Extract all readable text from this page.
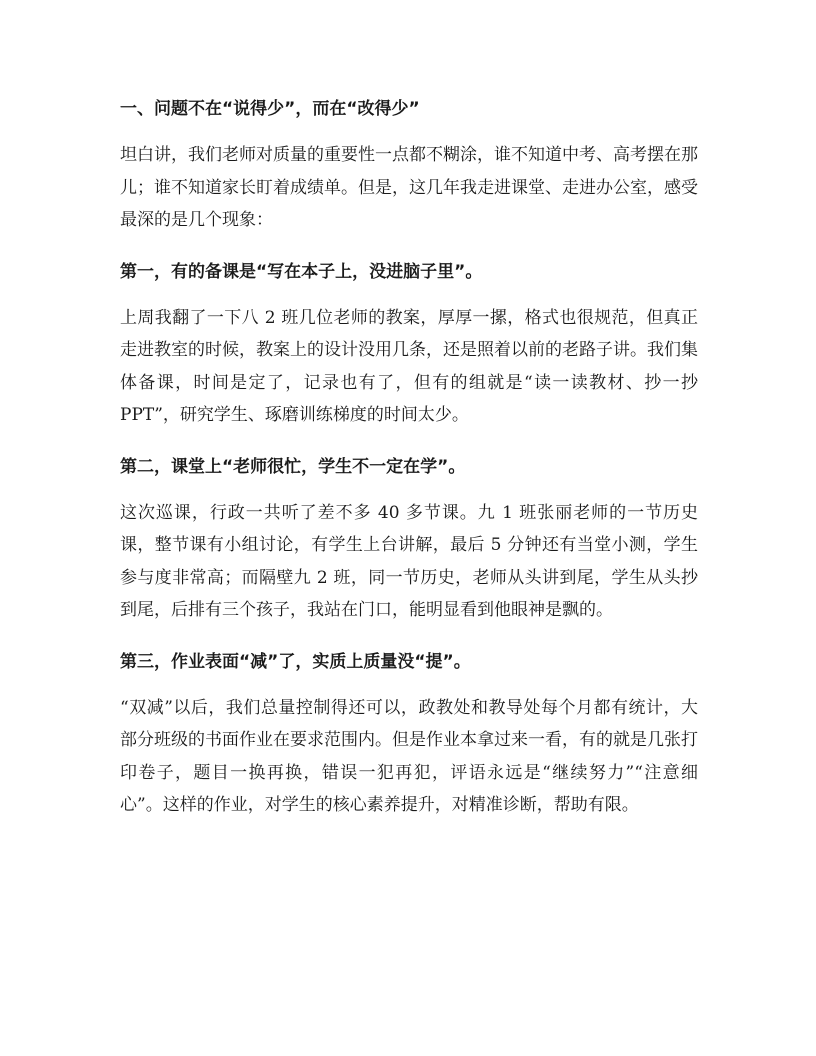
一、问题不在“说得少”，而在“改得少”

坦白讲，我们老师对质量的重要性一点都不糊涂，谁不知道中考、高考摆在那儿；谁不知道家长盯着成绩单。但是，这几年我走进课堂、走进办公室，感受最深的是几个现象：

第一，有的备课是“写在本子上，没进脑子里”。

上周我翻了一下八 2 班几位老师的教案，厚厚一摞，格式也很规范，但真正走进教室的时候，教案上的设计没用几条，还是照着以前的老路子讲。我们集体备课，时间是定了，记录也有了，但有的组就是“读一读教材、抄一抄 PPT”，研究学生、琢磨训练梯度的时间太少。

第二，课堂上“老师很忙，学生不一定在学”。

这次巡课，行政一共听了差不多 40 多节课。九 1 班张丽老师的一节历史课，整节课有小组讨论，有学生上台讲解，最后 5 分钟还有当堂小测，学生参与度非常高；而隔壁九 2 班，同一节历史，老师从头讲到尾，学生从头抄到尾，后排有三个孩子，我站在门口，能明显看到他眼神是飘的。

第三，作业表面“减”了，实质上质量没“提”。

“双减”以后，我们总量控制得还可以，政教处和教导处每个月都有统计，大部分班级的书面作业在要求范围内。但是作业本拿过来一看，有的就是几张打印卷子，题目一换再换，错误一犯再犯，评语永远是“继续努力”“注意细心”。这样的作业，对学生的核心素养提升，对精准诊断，帮助有限。
